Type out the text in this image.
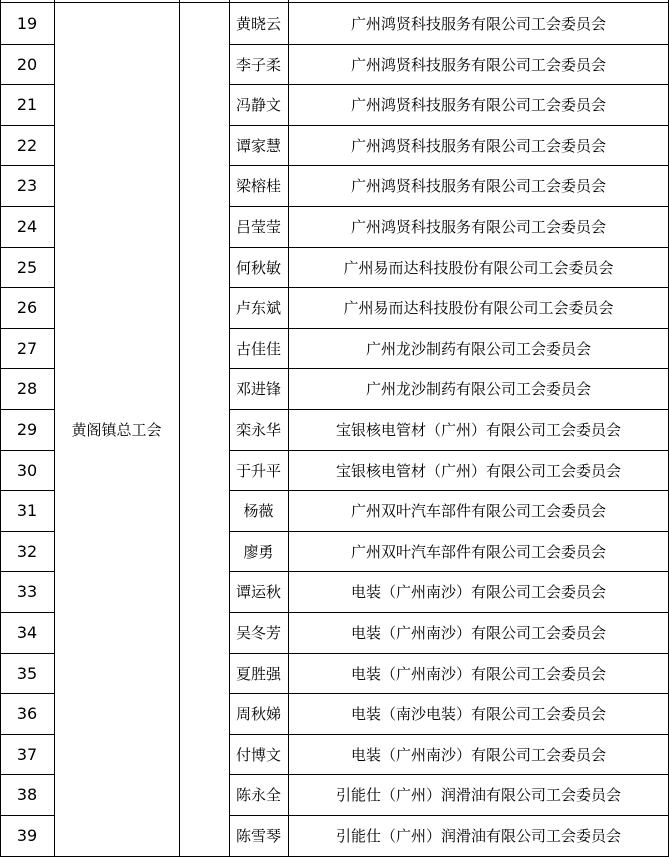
黄阁镇总工会
19	黄晓云	广州鸿贤科技服务有限公司工会委员会
20	李子柔	广州鸿贤科技服务有限公司工会委员会
21	冯静文	广州鸿贤科技服务有限公司工会委员会
22	谭家慧	广州鸿贤科技服务有限公司工会委员会
23	梁榕桂	广州鸿贤科技服务有限公司工会委员会
24	吕莹莹	广州鸿贤科技服务有限公司工会委员会
25	何秋敏	广州易而达科技股份有限公司工会委员会
26	卢东斌	广州易而达科技股份有限公司工会委员会
27	古佳佳	广州龙沙制药有限公司工会委员会
28	邓进锋	广州龙沙制药有限公司工会委员会
29	栾永华	宝银核电管材（广州）有限公司工会委员会
30	于升平	宝银核电管材（广州）有限公司工会委员会
31	杨薇	广州双叶汽车部件有限公司工会委员会
32	廖勇	广州双叶汽车部件有限公司工会委员会
33	谭运秋	电装（广州南沙）有限公司工会委员会
34	吴冬芳	电装（广州南沙）有限公司工会委员会
35	夏胜强	电装（广州南沙）有限公司工会委员会
36	周秋娣	电装（南沙电装）有限公司工会委员会
37	付博文	电装（广州南沙）有限公司工会委员会
38	陈永全	引能仕（广州）润滑油有限公司工会委员会
39	陈雪琴	引能仕（广州）润滑油有限公司工会委员会
